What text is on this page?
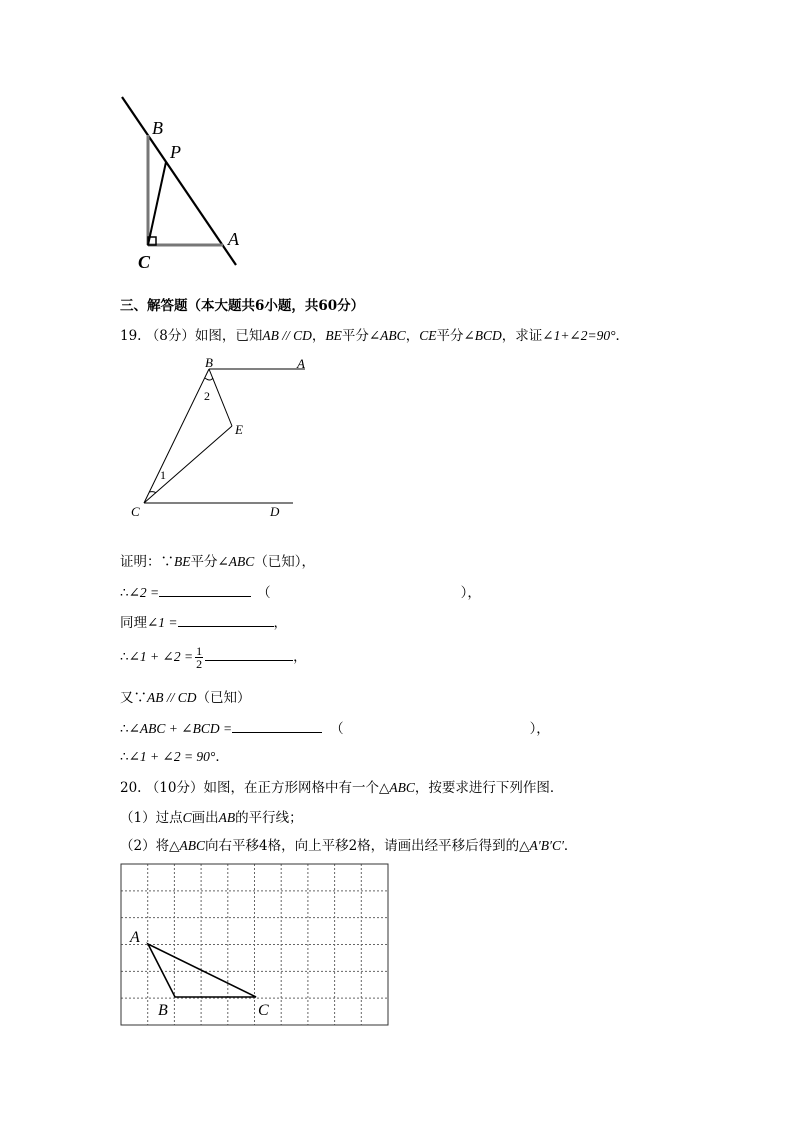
B
P
A
C
三、解答题（本大题共6小题，共60分）
19. （8分）如图，已知AB // CD，BE平分∠ABC，CE平分∠BCD，求证∠1+∠2=90°．
B	A
E
C	D
1
2
证明：∵BE平分∠ABC（已知），
∴∠2 =	（	），
同理∠1 =	，
∴∠1 + ∠2 = $\frac{1}{2}$	，
又∵AB // CD（已知）
∴∠ABC + ∠BCD =	（	），
∴∠1 + ∠2 = 90°．
20. （10分）如图，在正方形网格中有一个△ABC，按要求进行下列作图．
（1）过点C画出AB的平行线；
（2）将△ABC向右平移4格，向上平移2格，请画出经平移后得到的△A′B′C′．
A
B	C
